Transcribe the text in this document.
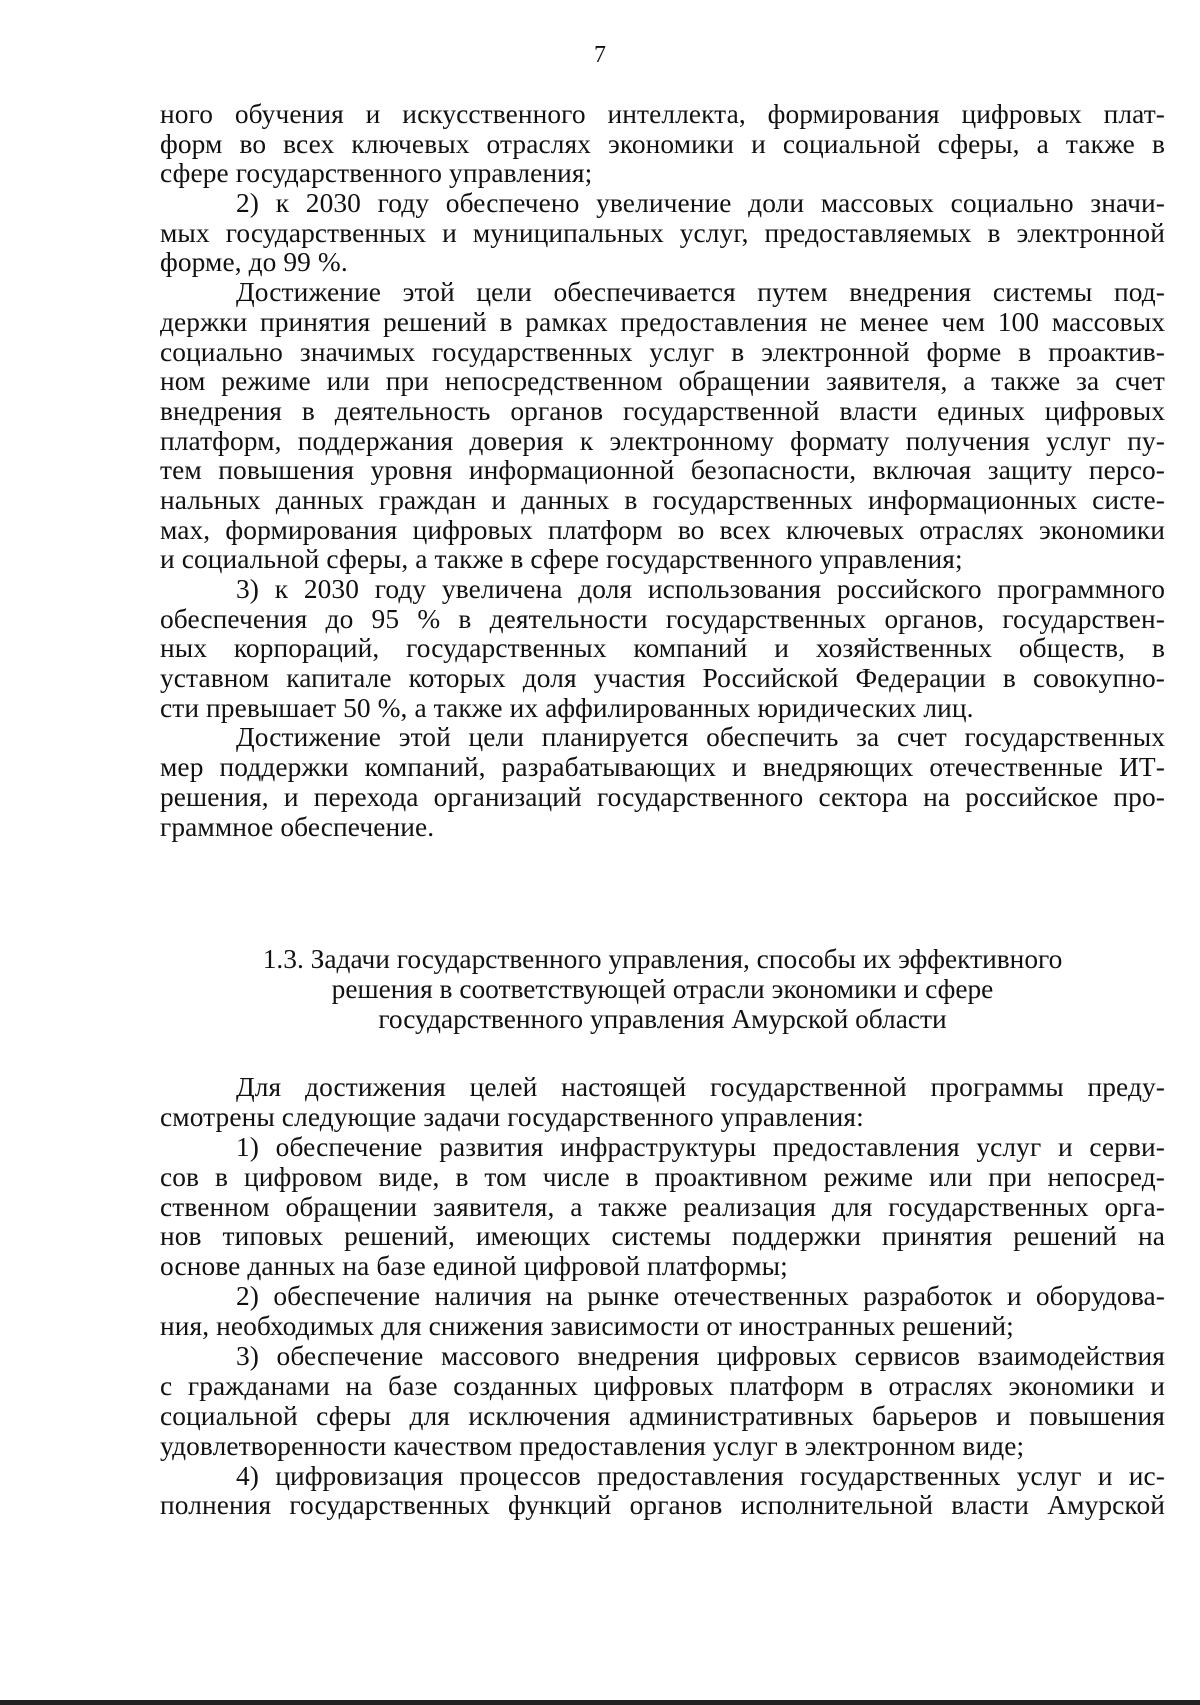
7
ного обучения и искусственного интеллекта, формирования цифровых плат-
форм во всех ключевых отраслях экономики и социальной сферы, а также в
сфере государственного управления;
2) к 2030 году обеспечено увеличение доли массовых социально значи-
мых государственных и муниципальных услуг, предоставляемых в электронной
форме, до 99 %.
Достижение этой цели обеспечивается путем внедрения системы под-
держки принятия решений в рамках предоставления не менее чем 100 массовых
социально значимых государственных услуг в электронной форме в проактив-
ном режиме или при непосредственном обращении заявителя, а также за счет
внедрения в деятельность органов государственной власти единых цифровых
платформ, поддержания доверия к электронному формату получения услуг пу-
тем повышения уровня информационной безопасности, включая защиту персо-
нальных данных граждан и данных в государственных информационных систе-
мах, формирования цифровых платформ во всех ключевых отраслях экономики
и социальной сферы, а также в сфере государственного управления;
3) к 2030 году увеличена доля использования российского программного
обеспечения до 95 % в деятельности государственных органов, государствен-
ных корпораций, государственных компаний и хозяйственных обществ, в
уставном капитале которых доля участия Российской Федерации в совокупно-
сти превышает 50 %, а также их аффилированных юридических лиц.
Достижение этой цели планируется обеспечить за счет государственных
мер поддержки компаний, разрабатывающих и внедряющих отечественные ИТ-
решения, и перехода организаций государственного сектора на российское про-
граммное обеспечение.
1.3. Задачи государственного управления, способы их эффективного
решения в соответствующей отрасли экономики и сфере
государственного управления Амурской области
Для достижения целей настоящей государственной программы преду-
смотрены следующие задачи государственного управления:
1) обеспечение развития инфраструктуры предоставления услуг и серви-
сов в цифровом виде, в том числе в проактивном режиме или при непосред-
ственном обращении заявителя, а также реализация для государственных орга-
нов типовых решений, имеющих системы поддержки принятия решений на
основе данных на базе единой цифровой платформы;
2) обеспечение наличия на рынке отечественных разработок и оборудова-
ния, необходимых для снижения зависимости от иностранных решений;
3) обеспечение массового внедрения цифровых сервисов взаимодействия
с гражданами на базе созданных цифровых платформ в отраслях экономики и
социальной сферы для исключения административных барьеров и повышения
удовлетворенности качеством предоставления услуг в электронном виде;
4) цифровизация процессов предоставления государственных услуг и ис-
полнения государственных функций органов исполнительной власти Амурской
